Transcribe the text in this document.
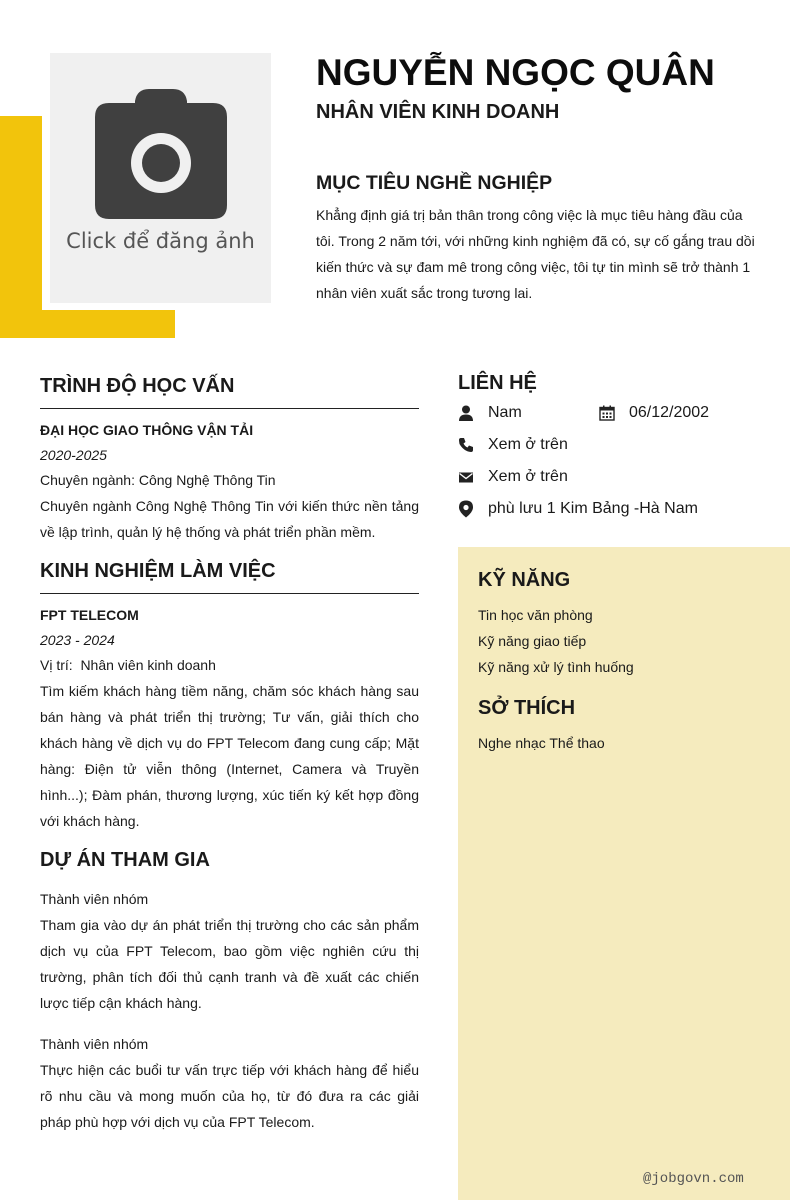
Click để đăng ảnh
NGUYỄN NGỌC QUÂN
NHÂN VIÊN KINH DOANH
MỤC TIÊU NGHỀ NGHIỆP
Khẳng định giá trị bản thân trong công việc là mục tiêu hàng đầu của tôi. Trong 2 năm tới, với những kinh nghiệm đã có, sự cố gắng trau dồi kiến thức và sự đam mê trong công việc, tôi tự tin mình sẽ trở thành 1 nhân viên xuất sắc trong tương lai.
TRÌNH ĐỘ HỌC VẤN
ĐẠI HỌC GIAO THÔNG VẬN TẢI
2020-2025
Chuyên ngành: Công Nghệ Thông Tin
Chuyên ngành Công Nghệ Thông Tin với kiến thức nền tảng về lập trình, quản lý hệ thống và phát triển phần mềm.
KINH NGHIỆM LÀM VIỆC
FPT TELECOM
2023 - 2024
Vị trí:  Nhân viên kinh doanh
Tìm kiếm khách hàng tiềm năng, chăm sóc khách hàng sau bán hàng và phát triển thị trường; Tư vấn, giải thích cho khách hàng về dịch vụ do FPT Telecom đang cung cấp; Mặt hàng: Điện tử viễn thông (Internet, Camera và Truyền hình...); Đàm phán, thương lượng, xúc tiến ký kết hợp đồng với khách hàng.
DỰ ÁN THAM GIA
Thành viên nhóm
Tham gia vào dự án phát triển thị trường cho các sản phẩm dịch vụ của FPT Telecom, bao gồm việc nghiên cứu thị trường, phân tích đối thủ cạnh tranh và đề xuất các chiến lược tiếp cận khách hàng.
Thành viên nhóm
Thực hiện các buổi tư vấn trực tiếp với khách hàng để hiểu rõ nhu cầu và mong muốn của họ, từ đó đưa ra các giải pháp phù hợp với dịch vụ của FPT Telecom.
LIÊN HỆ
Nam	06/12/2002
Xem ở trên
Xem ở trên
phù lưu 1 Kim Bảng -Hà Nam
KỸ NĂNG
Tin học văn phòng
Kỹ năng giao tiếp
Kỹ năng xử lý tình huống
SỞ THÍCH
Nghe nhạc Thể thao
@jobgovn.com
